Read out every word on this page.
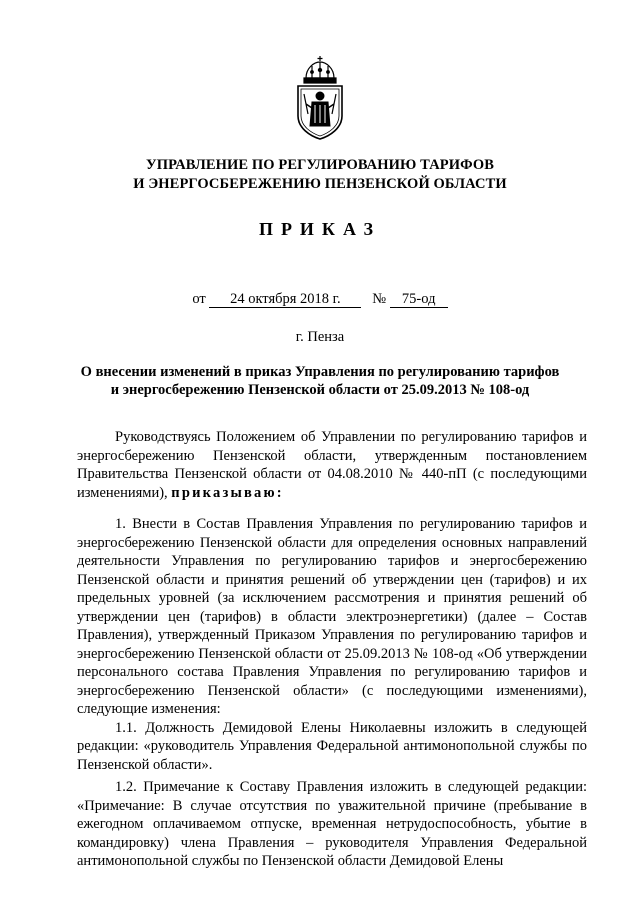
УПРАВЛЕНИЕ ПО РЕГУЛИРОВАНИЮ ТАРИФОВ
И ЭНЕРГОСБЕРЕЖЕНИЮ ПЕНЗЕНСКОЙ ОБЛАСТИ
ПРИКАЗ
от 24 октября 2018 г. № 75-од
г. Пенза
О внесении изменений в приказ Управления по регулированию тарифов
и энергосбережению Пензенской области от 25.09.2013 № 108-од

Руководствуясь Положением об Управлении по регулированию тарифов и энергосбережению Пензенской области, утвержденным постановлением Правительства Пензенской области от 04.08.2010 № 440-пП (с последующими изменениями), приказываю:

1. Внести в Состав Правления Управления по регулированию тарифов и энергосбережению Пензенской области для определения основных направлений деятельности Управления по регулированию тарифов и энергосбережению Пензенской области и принятия решений об утверждении цен (тарифов) и их предельных уровней (за исключением рассмотрения и принятия решений об утверждении цен (тарифов) в области электроэнергетики) (далее – Состав Правления), утвержденный Приказом Управления по регулированию тарифов и энергосбережению Пензенской области от 25.09.2013 № 108-од «Об утверждении персонального состава Правления Управления по регулированию тарифов и энергосбережению Пензенской области» (с последующими изменениями), следующие изменения:

1.1. Должность Демидовой Елены Николаевны изложить в следующей редакции: «руководитель Управления Федеральной антимонопольной службы по Пензенской области».

1.2. Примечание к Составу Правления изложить в следующей редакции: «Примечание: В случае отсутствия по уважительной причине (пребывание в ежегодном оплачиваемом отпуске, временная нетрудоспособность, убытие в командировку) члена Правления – руководителя Управления Федеральной антимонопольной службы по Пензенской области Демидовой Елены
